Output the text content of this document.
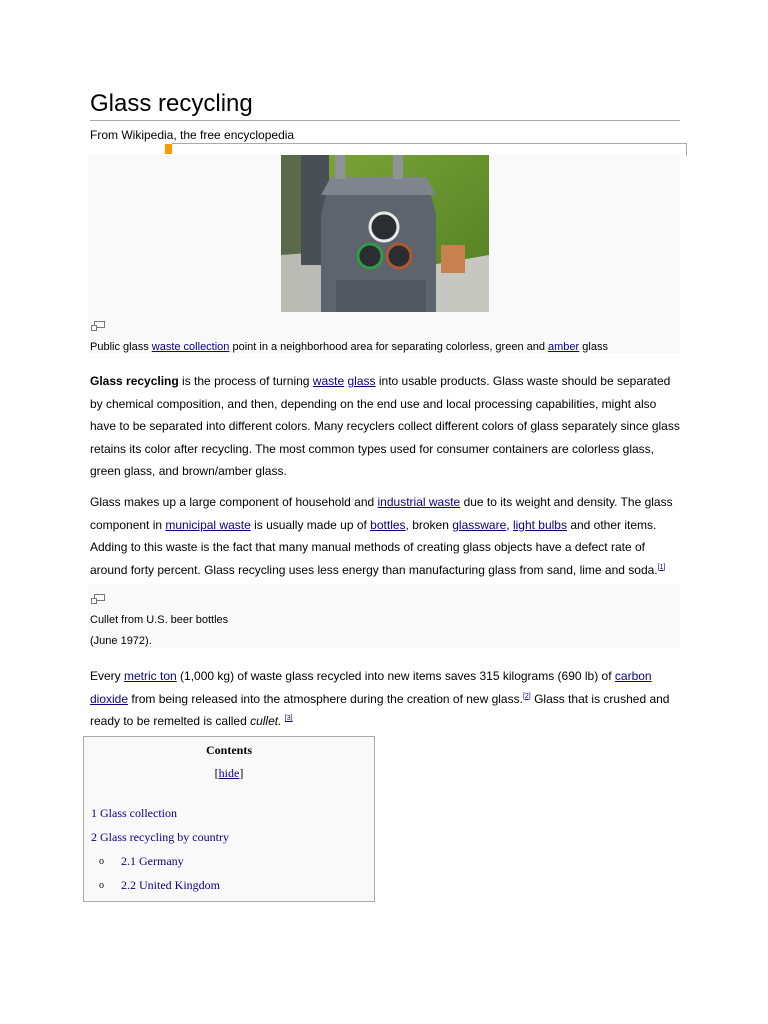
Glass recycling
From Wikipedia, the free encyclopedia
Public glass waste collection point in a neighborhood area for separating colorless, green and amber glass
Glass recycling is the process of turning waste glass into usable products. Glass waste should be separated by chemical composition, and then, depending on the end use and local processing capabilities, might also have to be separated into different colors. Many recyclers collect different colors of glass separately since glass retains its color after recycling. The most common types used for consumer containers are colorless glass, green glass, and brown/amber glass.
Glass makes up a large component of household and industrial waste due to its weight and density. The glass component in municipal waste is usually made up of bottles, broken glassware, light bulbs and other items. Adding to this waste is the fact that many manual methods of creating glass objects have a defect rate of around forty percent. Glass recycling uses less energy than manufacturing glass from sand, lime and soda.[1]
Cullet from U.S. beer bottles
(June 1972).
Every metric ton (1,000 kg) of waste glass recycled into new items saves 315 kilograms (690 lb) of carbon dioxide from being released into the atmosphere during the creation of new glass.[2] Glass that is crushed and ready to be remelted is called cullet. [3]
Contents
[hide]
1 Glass collection
2 Glass recycling by country
o 2.1 Germany
o 2.2 United Kingdom
